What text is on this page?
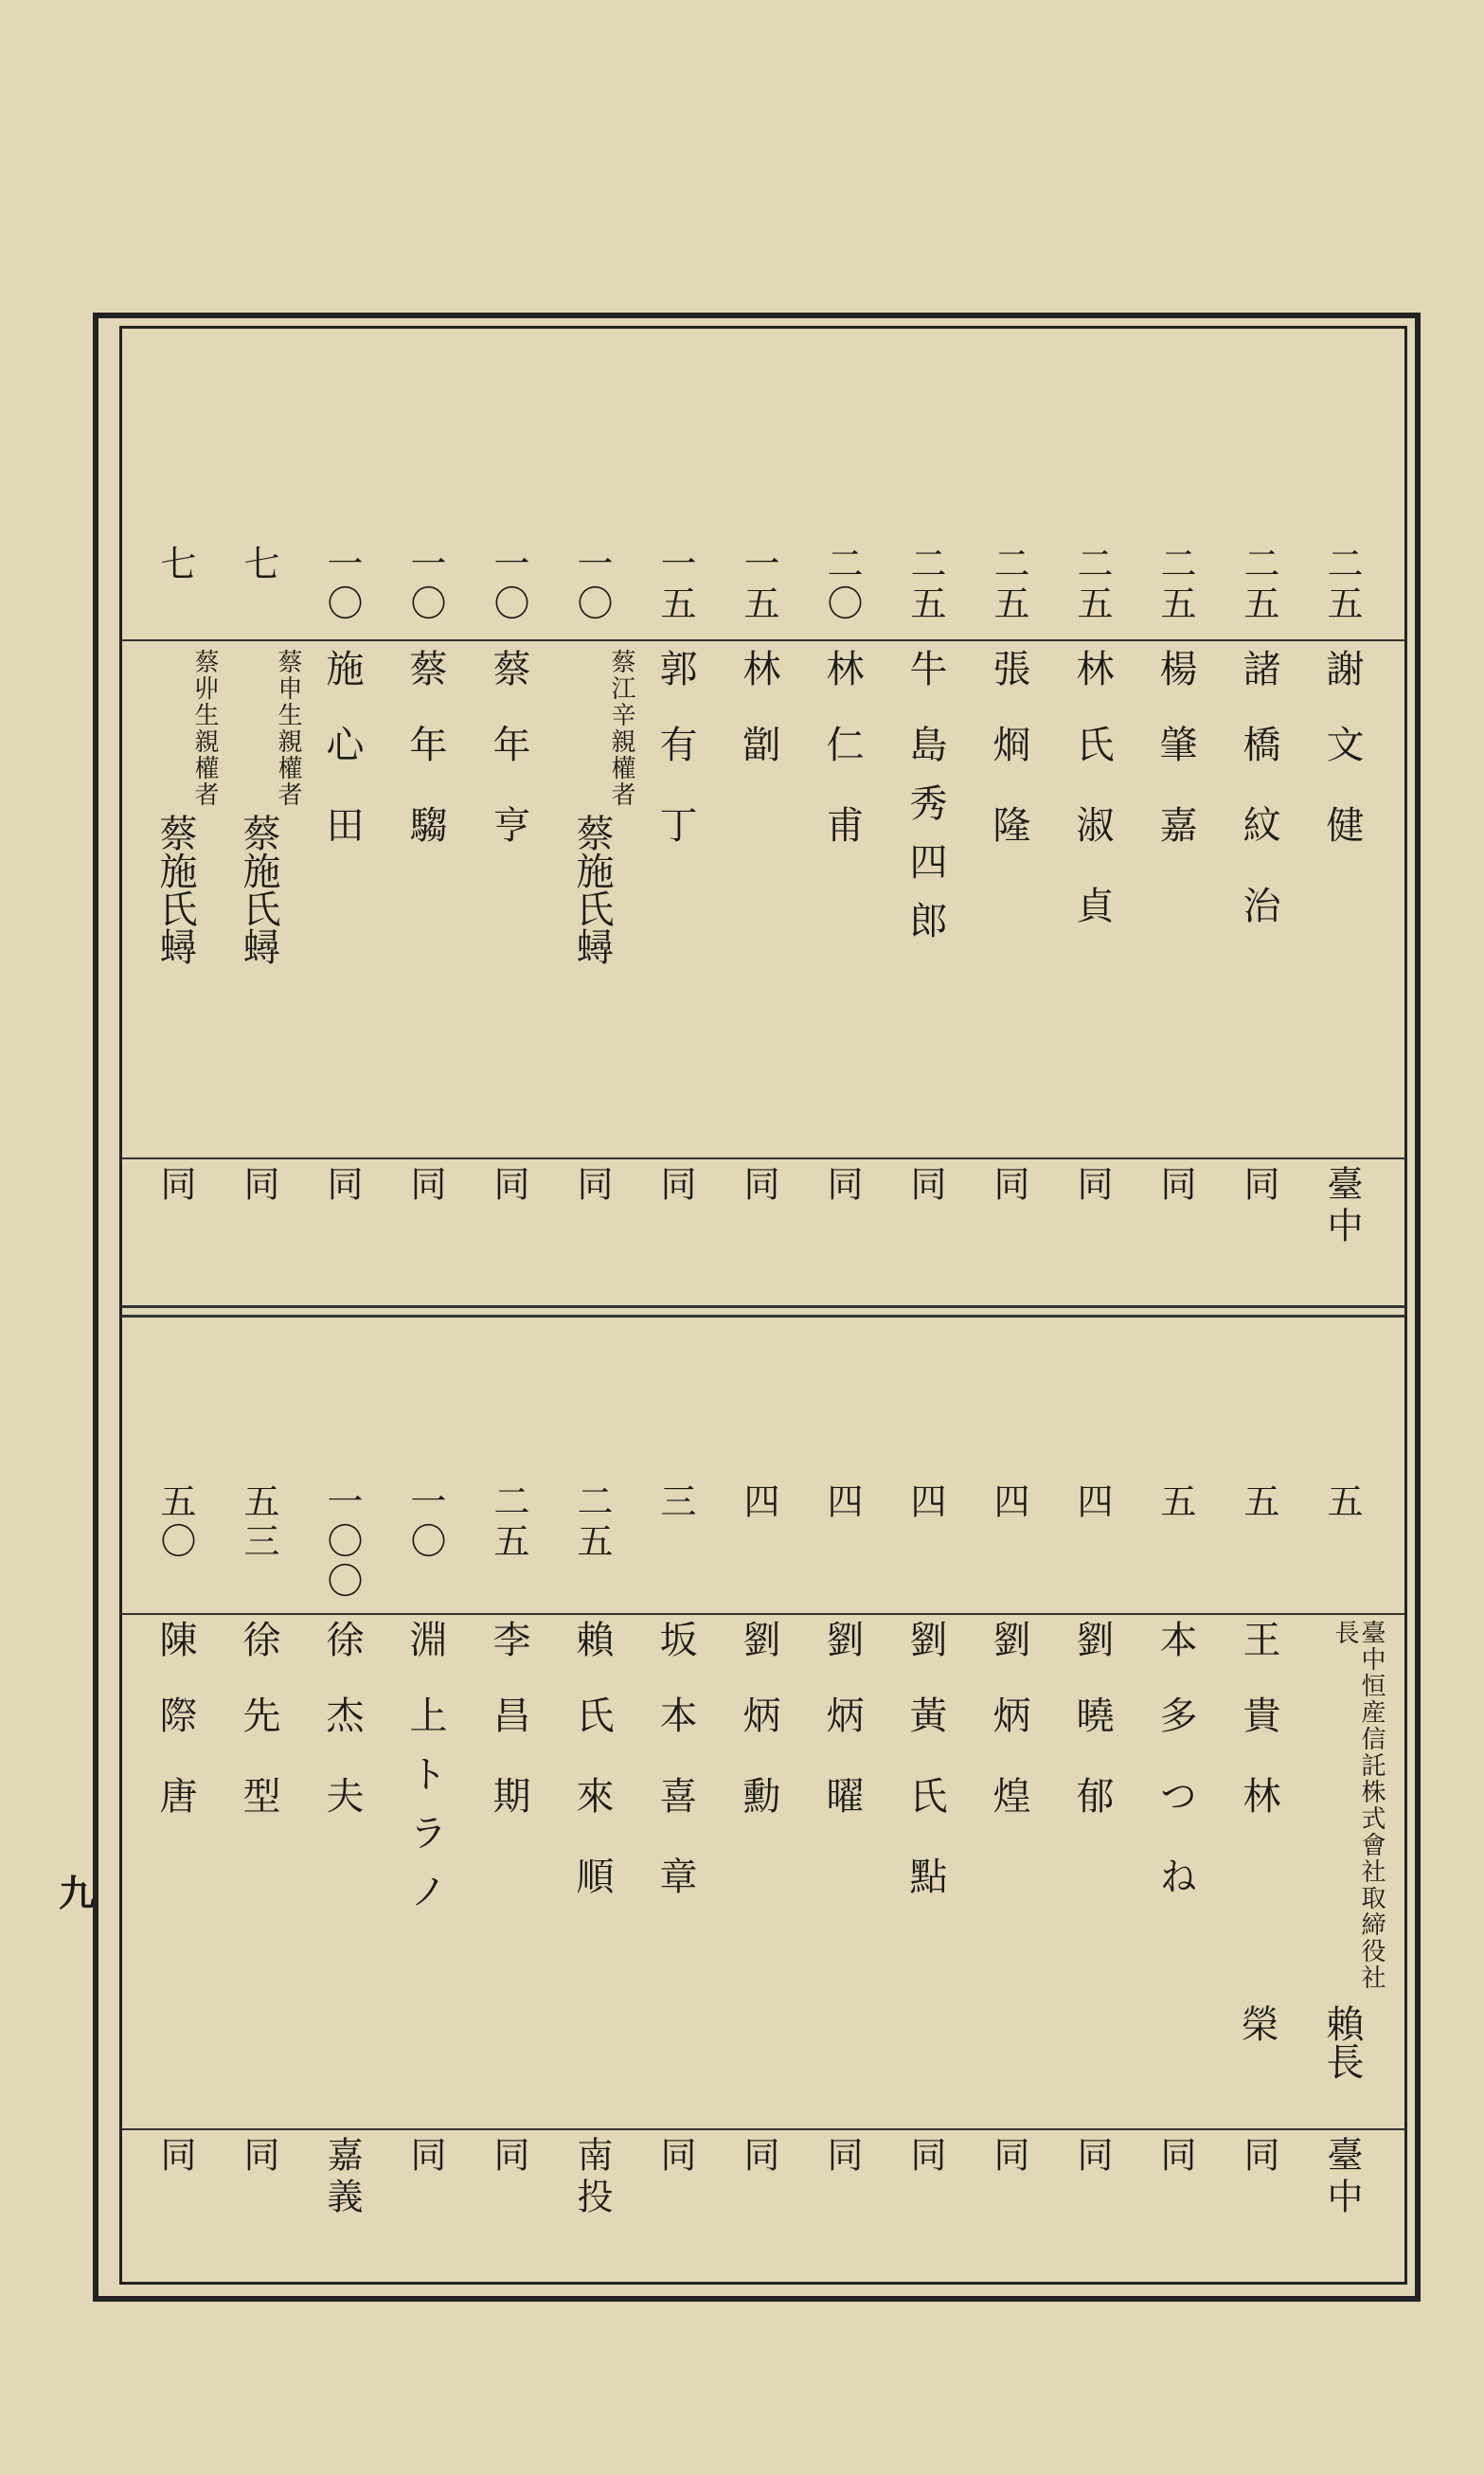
九
二五
謝
文健
臺中
二五
諸
橋紋治
同
二五
楊
肇嘉
同
二五
林
氏淑貞
同
二五
張
烱隆
同
二五
牛
島秀四郎
同
二〇
林
仁甫
同
一五
林
劏
同
一五
郭
有丁
同
一〇
蔡施氏蟳
蔡江辛親權者
同
一〇
蔡
年亨
同
一〇
蔡
年騶
同
一〇
施
心田
同
七
蔡施氏蟳
蔡申生親權者
同
七
蔡施氏蟳
蔡丱生親權者
同
五
賴長榮
臺中恒産信託株式會社取締役社長
臺中
五
王
貴林
同
五
本
多つね
同
四
劉
曉郁
同
四
劉
炳煌
同
四
劉
黃氏點
同
四
劉
炳曜
同
四
劉
炳勳
同
三
坂
本喜章
同
二五
賴
氏來順
南投
二五
李
昌期
同
一〇
淵
上トラノ
同
一〇〇
徐
杰夫
嘉義
五三
徐
先型
同
五〇
陳
際唐
同
